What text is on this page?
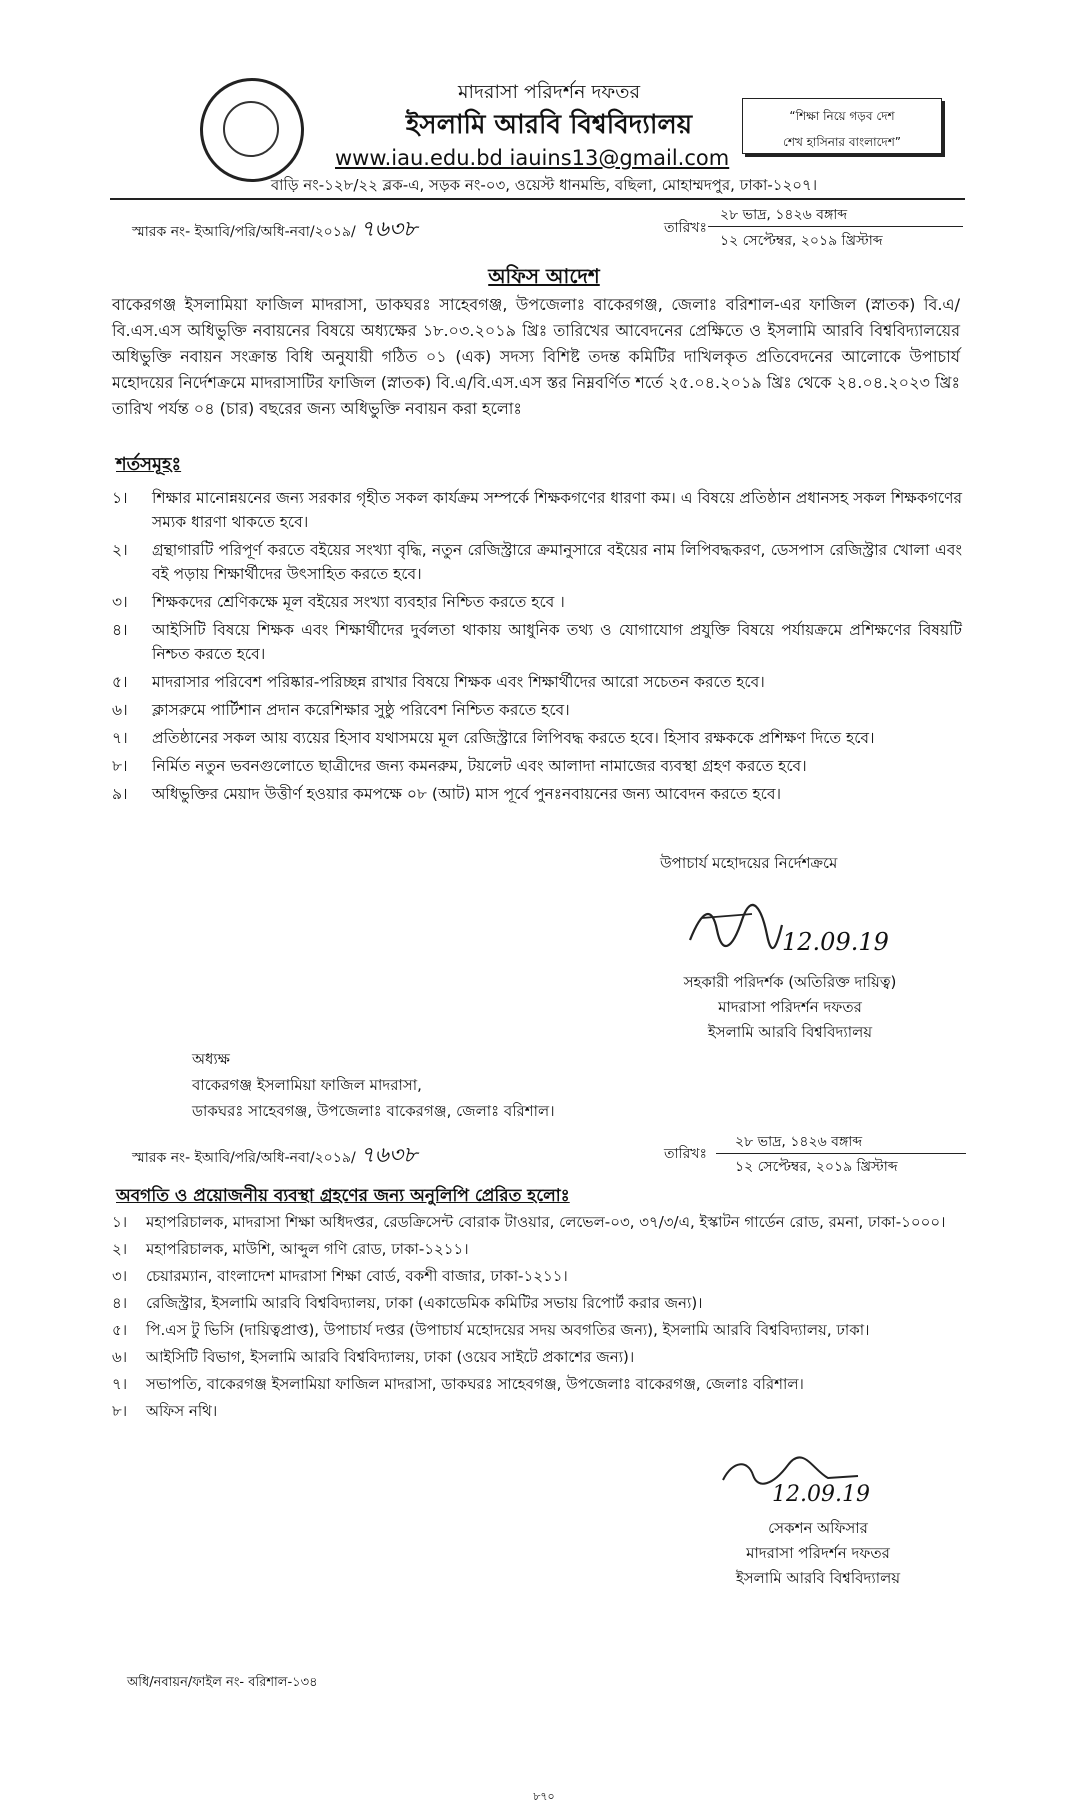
মাদরাসা পরিদর্শন দফতর
ইসলামি আরবি বিশ্ববিদ্যালয়
www.iau.edu.bd iauins13@gmail.com
বাড়ি নং-১২৮/২২ ব্লক-এ, সড়ক নং-০৩, ওয়েস্ট ধানমন্ডি, বছিলা, মোহাম্মদপুর, ঢাকা-১২০৭।
“শিক্ষা নিয়ে গড়ব দেশ
শেখ হাসিনার বাংলাদেশ”
স্মারক নং- ইআবি/পরি/অধি-নবা/২০১৯/ ৭৬৩৮	তারিখঃ
২৮ ভাদ্র, ১৪২৬ বঙ্গাব্দ
১২ সেপ্টেম্বর, ২০১৯ খ্রিস্টাব্দ
অফিস আদেশ
বাকেরগঞ্জ ইসলামিয়া ফাজিল মাদরাসা, ডাকঘরঃ সাহেবগঞ্জ, উপজেলাঃ বাকেরগঞ্জ, জেলাঃ বরিশাল-এর ফাজিল (স্নাতক) বি.এ/বি.এস.এস অধিভুক্তি নবায়নের বিষয়ে অধ্যক্ষের ১৮.০৩.২০১৯ খ্রিঃ তারিখের আবেদনের প্রেক্ষিতে ও ইসলামি আরবি বিশ্ববিদ্যালয়ের অধিভুক্তি নবায়ন সংক্রান্ত বিধি অনুযায়ী গঠিত ০১ (এক) সদস্য বিশিষ্ট তদন্ত কমিটির দাখিলকৃত প্রতিবেদনের আলোকে উপাচার্য মহোদয়ের নির্দেশক্রমে মাদরাসাটির ফাজিল (স্নাতক) বি.এ/বি.এস.এস স্তর নিম্নবর্ণিত শর্তে ২৫.০৪.২০১৯ খ্রিঃ থেকে ২৪.০৪.২০২৩ খ্রিঃ তারিখ পর্যন্ত ০৪ (চার) বছরের জন্য অধিভুক্তি নবায়ন করা হলোঃ
শর্তসমূহঃ
১।	শিক্ষার মানোন্নয়নের জন্য সরকার গৃহীত সকল কার্যক্রম সম্পর্কে শিক্ষকগণের ধারণা কম। এ বিষয়ে প্রতিষ্ঠান প্রধানসহ সকল শিক্ষকগণের সম্যক ধারণা থাকতে হবে।
২।	গ্রন্থাগারটি পরিপূর্ণ করতে বইয়ের সংখ্যা বৃদ্ধি, নতুন রেজিস্ট্রারে ক্রমানুসারে বইয়ের নাম লিপিবদ্ধকরণ, ডেসপাস রেজিস্ট্রার খোলা এবং বই পড়ায় শিক্ষার্থীদের উৎসাহিত করতে হবে।
৩।	শিক্ষকদের শ্রেণিকক্ষে মূল বইয়ের সংখ্যা ব্যবহার নিশ্চিত করতে হবে ।
৪।	আইসিটি বিষয়ে শিক্ষক এবং শিক্ষার্থীদের দুর্বলতা থাকায় আধুনিক তথ্য ও যোগাযোগ প্রযুক্তি বিষয়ে পর্যায়ক্রমে প্রশিক্ষণের বিষয়টি নিশ্চত করতে হবে।
৫।	মাদরাসার পরিবেশ পরিষ্কার-পরিচ্ছন্ন রাখার বিষয়ে শিক্ষক এবং শিক্ষার্থীদের আরো সচেতন করতে হবে।
৬।	ক্লাসরুমে পার্টিশান প্রদান করেশিক্ষার সুষ্ঠু পরিবেশ নিশ্চিত করতে হবে।
৭।	প্রতিষ্ঠানের সকল আয় ব্যয়ের হিসাব যথাসময়ে মূল রেজিস্ট্রারে লিপিবদ্ধ করতে হবে। হিসাব রক্ষককে প্রশিক্ষণ দিতে হবে।
৮।	নির্মিত নতুন ভবনগুলোতে ছাত্রীদের জন্য কমনরুম, টয়লেট এবং আলাদা নামাজের ব্যবস্থা গ্রহণ করতে হবে।
৯।	অধিভুক্তির মেয়াদ উত্তীর্ণ হওয়ার কমপক্ষে ০৮ (আট) মাস পূর্বে পুনঃনবায়নের জন্য আবেদন করতে হবে।
উপাচার্য মহোদয়ের নির্দেশক্রমে
12.09.19
সহকারী পরিদর্শক (অতিরিক্ত দায়িত্ব)
মাদরাসা পরিদর্শন দফতর
ইসলামি আরবি বিশ্ববিদ্যালয়
অধ্যক্ষ
বাকেরগঞ্জ ইসলামিয়া ফাজিল মাদরাসা,
ডাকঘরঃ সাহেবগঞ্জ, উপজেলাঃ বাকেরগঞ্জ, জেলাঃ বরিশাল।
স্মারক নং- ইআবি/পরি/অধি-নবা/২০১৯/ ৭৬৩৮	তারিখঃ
২৮ ভাদ্র, ১৪২৬ বঙ্গাব্দ
১২ সেপ্টেম্বর, ২০১৯ খ্রিস্টাব্দ
অবগতি ও প্রয়োজনীয় ব্যবস্থা গ্রহণের জন্য অনুলিপি প্রেরিত হলোঃ
১।	মহাপরিচালক, মাদরাসা শিক্ষা অধিদপ্তর, রেডক্রিসেন্ট বোরাক টাওয়ার, লেভেল-০৩, ৩৭/৩/এ, ইস্কাটন গার্ডেন রোড, রমনা, ঢাকা-১০০০।
২।	মহাপরিচালক, মাউশি, আব্দুল গণি রোড, ঢাকা-১২১১।
৩।	চেয়ারম্যান, বাংলাদেশ মাদরাসা শিক্ষা বোর্ড, বকশী বাজার, ঢাকা-১২১১।
৪।	রেজিস্ট্রার, ইসলামি আরবি বিশ্ববিদ্যালয়, ঢাকা (একাডেমিক কমিটির সভায় রিপোর্ট করার জন্য)।
৫।	পি.এস টু ভিসি (দায়িত্বপ্রাপ্ত), উপাচার্য দপ্তর (উপাচার্য মহোদয়ের সদয় অবগতির জন্য), ইসলামি আরবি বিশ্ববিদ্যালয়, ঢাকা।
৬।	আইসিটি বিভাগ, ইসলামি আরবি বিশ্ববিদ্যালয়, ঢাকা (ওয়েব সাইটে প্রকাশের জন্য)।
৭।	সভাপতি, বাকেরগঞ্জ ইসলামিয়া ফাজিল মাদরাসা, ডাকঘরঃ সাহেবগঞ্জ, উপজেলাঃ বাকেরগঞ্জ, জেলাঃ বরিশাল।
৮।	অফিস নথি।
12.09.19
সেকশন অফিসার
মাদরাসা পরিদর্শন দফতর
ইসলামি আরবি বিশ্ববিদ্যালয়
অধি/নবায়ন/ফাইল নং- বরিশাল-১৩৪
৮৭০
